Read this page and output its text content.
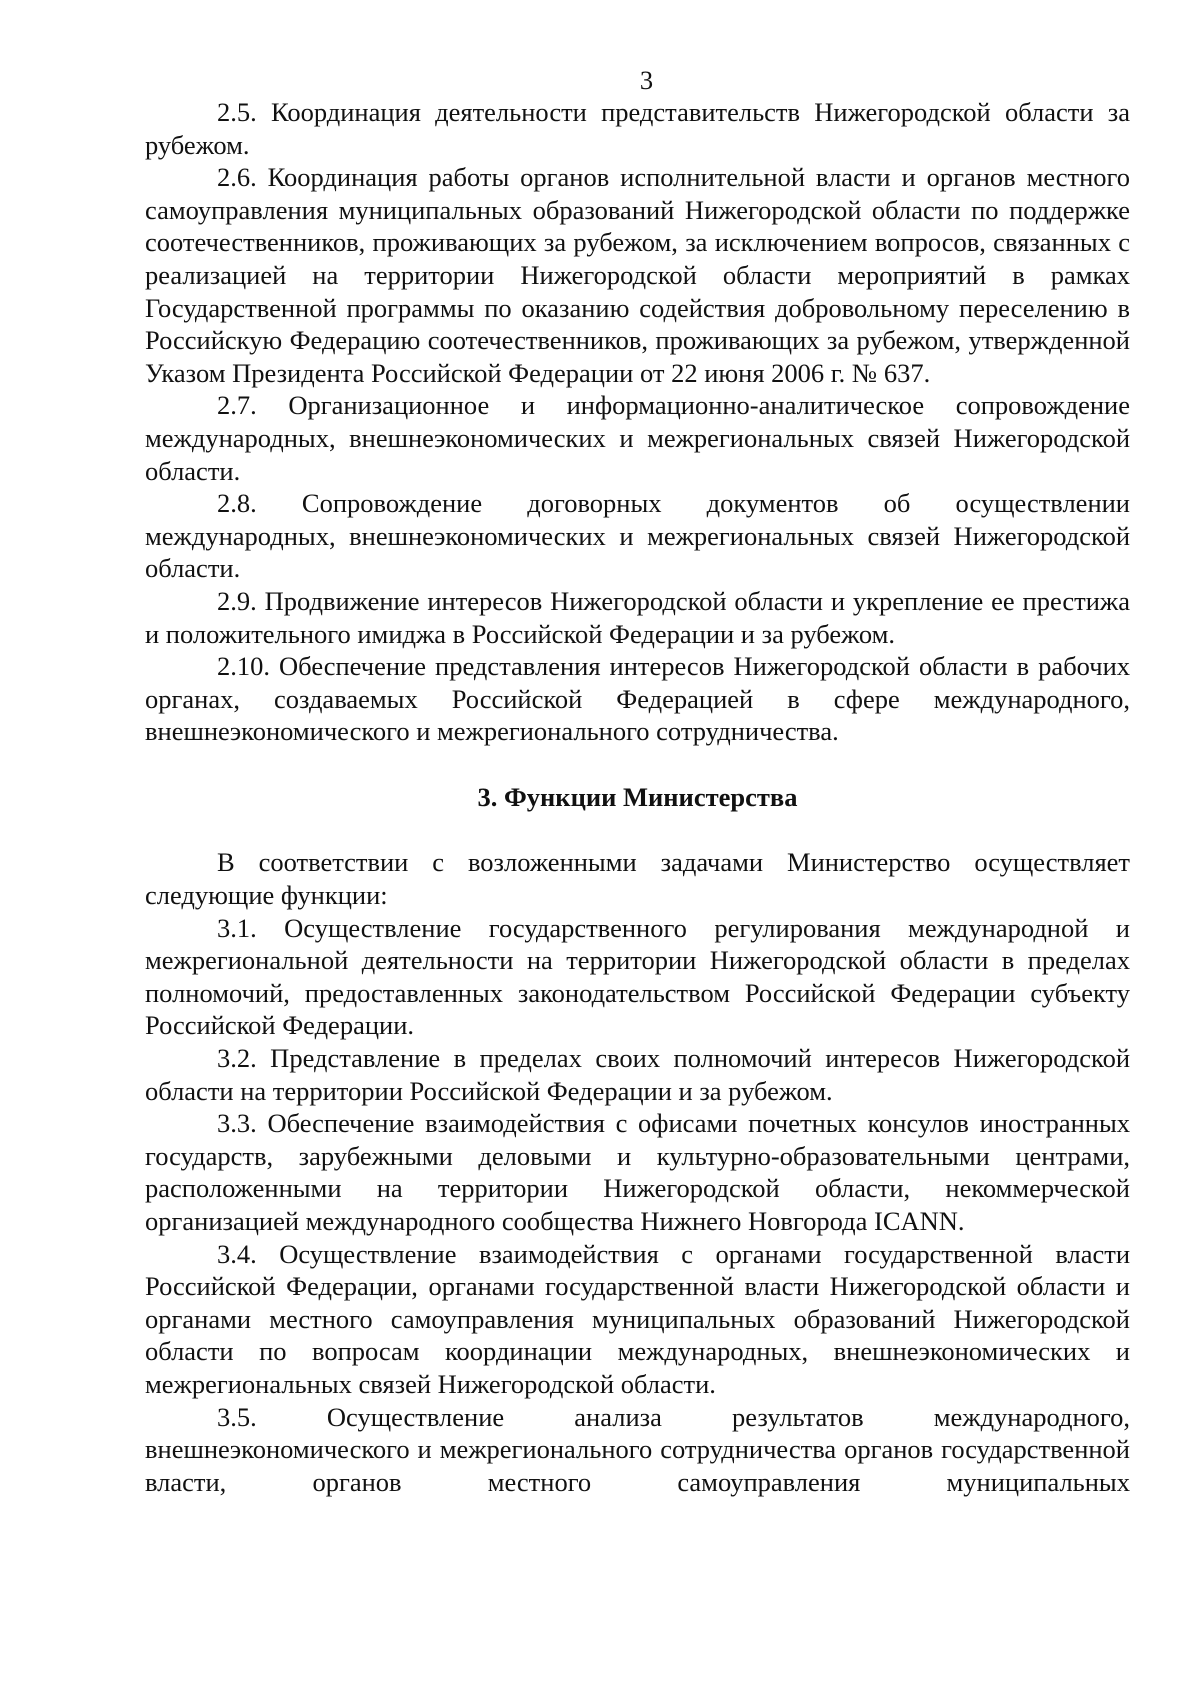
3

2.5. Координация деятельности представительств Нижегородской области за рубежом.

2.6. Координация работы органов исполнительной власти и органов местного самоуправления муниципальных образований Нижегородской области по поддержке соотечественников, проживающих за рубежом, за исключением вопросов, связанных с реализацией на территории Нижегородской области мероприятий в рамках Государственной программы по оказанию содействия добровольному переселению в Российскую Федерацию соотечественников, проживающих за рубежом, утвержденной Указом Президента Российской Федерации от 22 июня 2006 г. № 637.

2.7. Организационное и информационно-аналитическое сопровождение международных, внешнеэкономических и межрегиональных связей Нижегородской области.

2.8. Сопровождение договорных документов об осуществлении международных, внешнеэкономических и межрегиональных связей Нижегородской области.

2.9. Продвижение интересов Нижегородской области и укрепление ее престижа и положительного имиджа в Российской Федерации и за рубежом.

2.10. Обеспечение представления интересов Нижегородской области в рабочих органах, создаваемых Российской Федерацией в сфере международного, внешнеэкономического и межрегионального сотрудничества.

3. Функции Министерства

В соответствии с возложенными задачами Министерство осуществляет следующие функции:

3.1. Осуществление государственного регулирования международной и межрегиональной деятельности на территории Нижегородской области в пределах полномочий, предоставленных законодательством Российской Федерации субъекту Российской Федерации.

3.2. Представление в пределах своих полномочий интересов Нижегородской области на территории Российской Федерации и за рубежом.

3.3. Обеспечение взаимодействия с офисами почетных консулов иностранных государств, зарубежными деловыми и культурно-образовательными центрами, расположенными на территории Нижегородской области, некоммерческой организацией международного сообщества Нижнего Новгорода ICANN.

3.4. Осуществление взаимодействия с органами государственной власти Российской Федерации, органами государственной власти Нижегородской области и органами местного самоуправления муниципальных образований Нижегородской области по вопросам координации международных, внешнеэкономических и межрегиональных связей Нижегородской области.

3.5. Осуществление анализа результатов международного, внешнеэкономического и межрегионального сотрудничества органов государственной власти, органов местного самоуправления муниципальных
